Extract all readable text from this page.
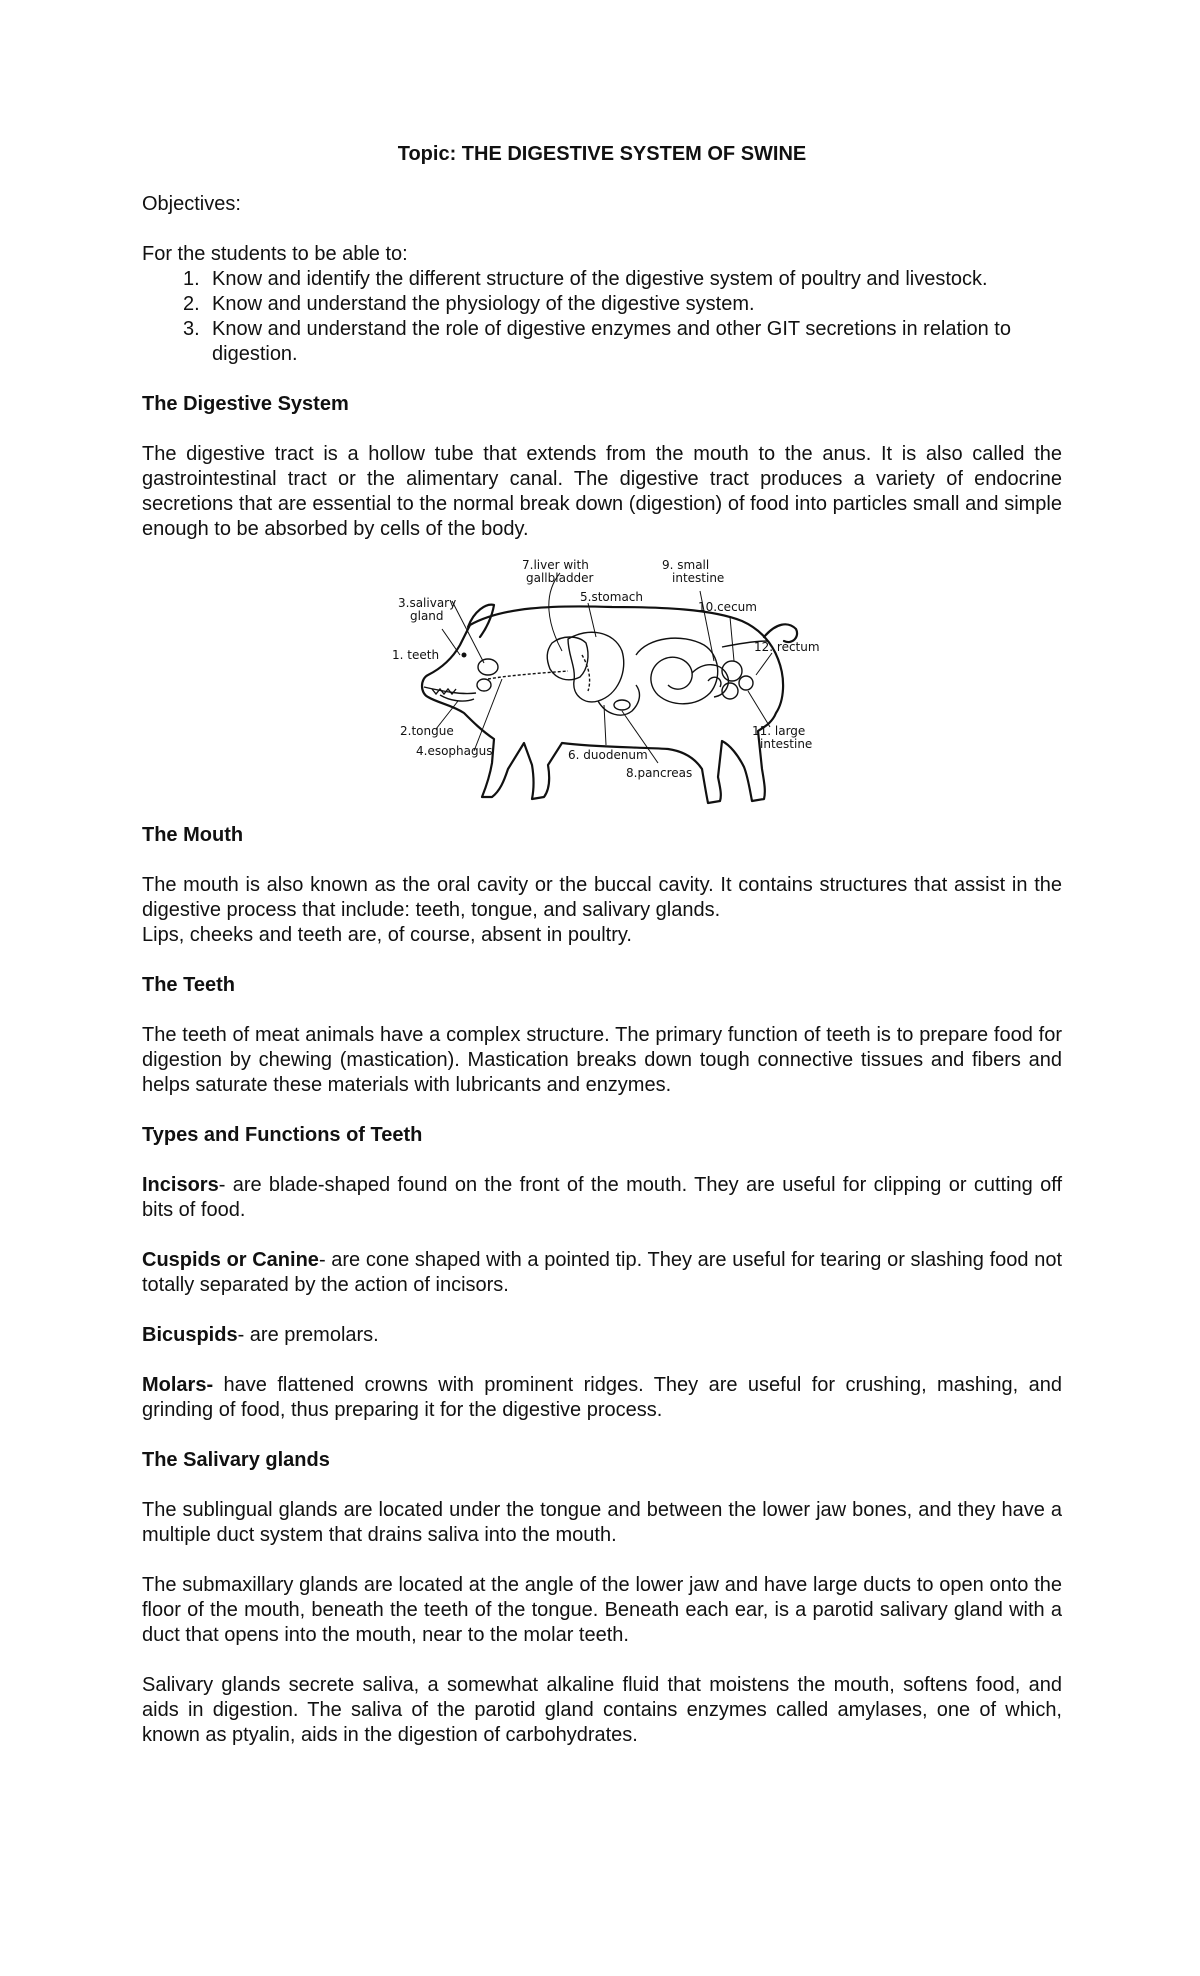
Topic: THE DIGESTIVE SYSTEM OF SWINE

Objectives:

For the students to be able to:

Know and identify the different structure of the digestive system of poultry and livestock.
Know and understand the physiology of the digestive system.
Know and understand the role of digestive enzymes and other GIT secretions in relation to digestion.
The Digestive System

The digestive tract is a hollow tube that extends from the mouth to the anus. It is also called the gastrointestinal tract or the alimentary canal. The digestive tract produces a variety of endocrine secretions that are essential to the normal break down (digestion) of food into particles small and simple enough to be absorbed by cells of the body.

3.salivary
gland
1. teeth
2.tongue
4.esophagus
7.liver with
gallbladder
5.stomach
6. duodenum
8.pancreas
9. small
intestine
10.cecum
12. rectum
11. large
intestine
The Mouth

The mouth is also known as the oral cavity or the buccal cavity. It contains structures that assist in the digestive process that include: teeth, tongue, and salivary glands.

Lips, cheeks and teeth are, of course, absent in poultry.

The Teeth

The teeth of meat animals have a complex structure. The primary function of teeth is to prepare food for digestion by chewing (mastication). Mastication breaks down tough connective tissues and fibers and helps saturate these materials with lubricants and enzymes.

Types and Functions of Teeth

Incisors- are blade-shaped found on the front of the mouth. They are useful for clipping or cutting off bits of food.

Cuspids or Canine- are cone shaped with a pointed tip. They are useful for tearing or slashing food not totally separated by the action of incisors.

Bicuspids- are premolars.

Molars- have flattened crowns with prominent ridges. They are useful for crushing, mashing, and grinding of food, thus preparing it for the digestive process.

The Salivary glands

The sublingual glands are located under the tongue and between the lower jaw bones, and they have a multiple duct system that drains saliva into the mouth.

The submaxillary glands are located at the angle of the lower jaw and have large ducts to open onto the floor of the mouth, beneath the teeth of the tongue. Beneath each ear, is a parotid salivary gland with a duct that opens into the mouth, near to the molar teeth.

Salivary glands secrete saliva, a somewhat alkaline fluid that moistens the mouth, softens food, and aids in digestion. The saliva of the parotid gland contains enzymes called amylases, one of which, known as ptyalin, aids in the digestion of carbohydrates.
